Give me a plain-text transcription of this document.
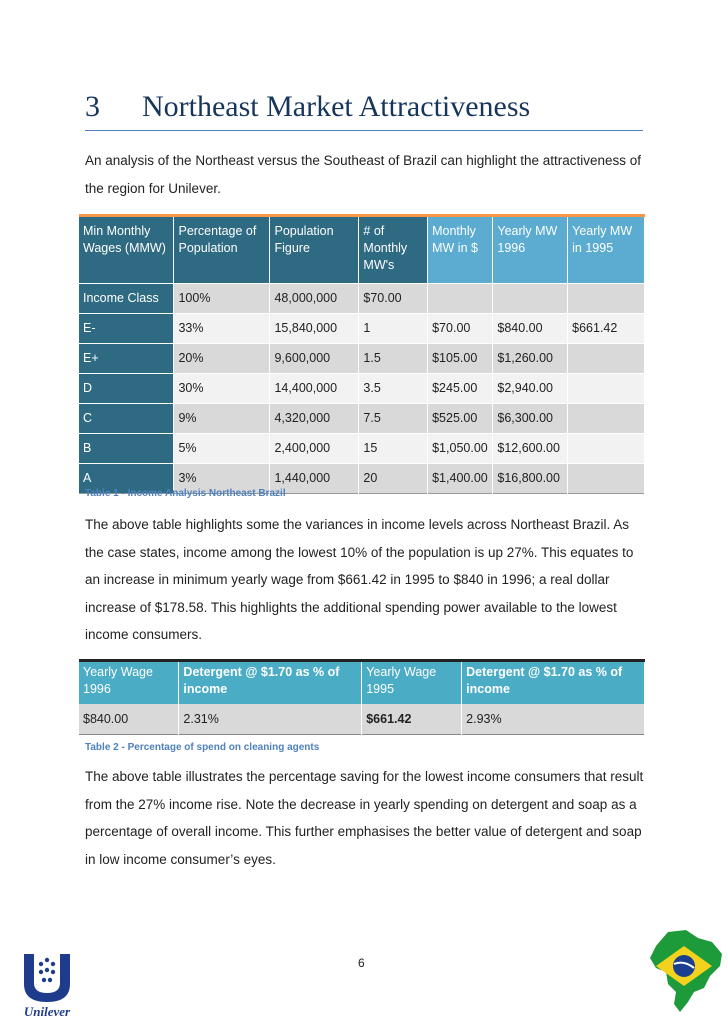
3 Northeast Market Attractiveness
An analysis of the Northeast versus the Southeast of Brazil can highlight the attractiveness of the region for Unilever.
Min Monthly Wages (MMW)	Percentage of Population	Population Figure	# of Monthly MW's	Monthly MW in $	Yearly MW 1996	Yearly MW in 1995
Income Class	100%	48,000,000	$70.00			
E-	33%	15,840,000	1	$70.00	$840.00	$661.42
E+	20%	9,600,000	1.5	$105.00	$1,260.00	
D	30%	14,400,000	3.5	$245.00	$2,940.00	
C	9%	4,320,000	7.5	$525.00	$6,300.00	
B	5%	2,400,000	15	$1,050.00	$12,600.00	
A	3%	1,440,000	20	$1,400.00	$16,800.00	
Table 1 - Income Analysis Northeast Brazil
The above table highlights some the variances in income levels across Northeast Brazil. As the case states, income among the lowest 10% of the population is up 27%. This equates to an increase in minimum yearly wage from $661.42 in 1995 to $840 in 1996; a real dollar increase of $178.58. This highlights the additional spending power available to the lowest income consumers.
Yearly Wage 1996	Detergent @ $1.70 as % of income	Yearly Wage 1995	Detergent @ $1.70 as % of income
$840.00	2.31%	$661.42	2.93%
Table 2 - Percentage of spend on cleaning agents
The above table illustrates the percentage saving for the lowest income consumers that result from the 27% income rise. Note the decrease in yearly spending on detergent and soap as a percentage of overall income. This further emphasises the better value of detergent and soap in low income consumer’s eyes.
6
Unilever
